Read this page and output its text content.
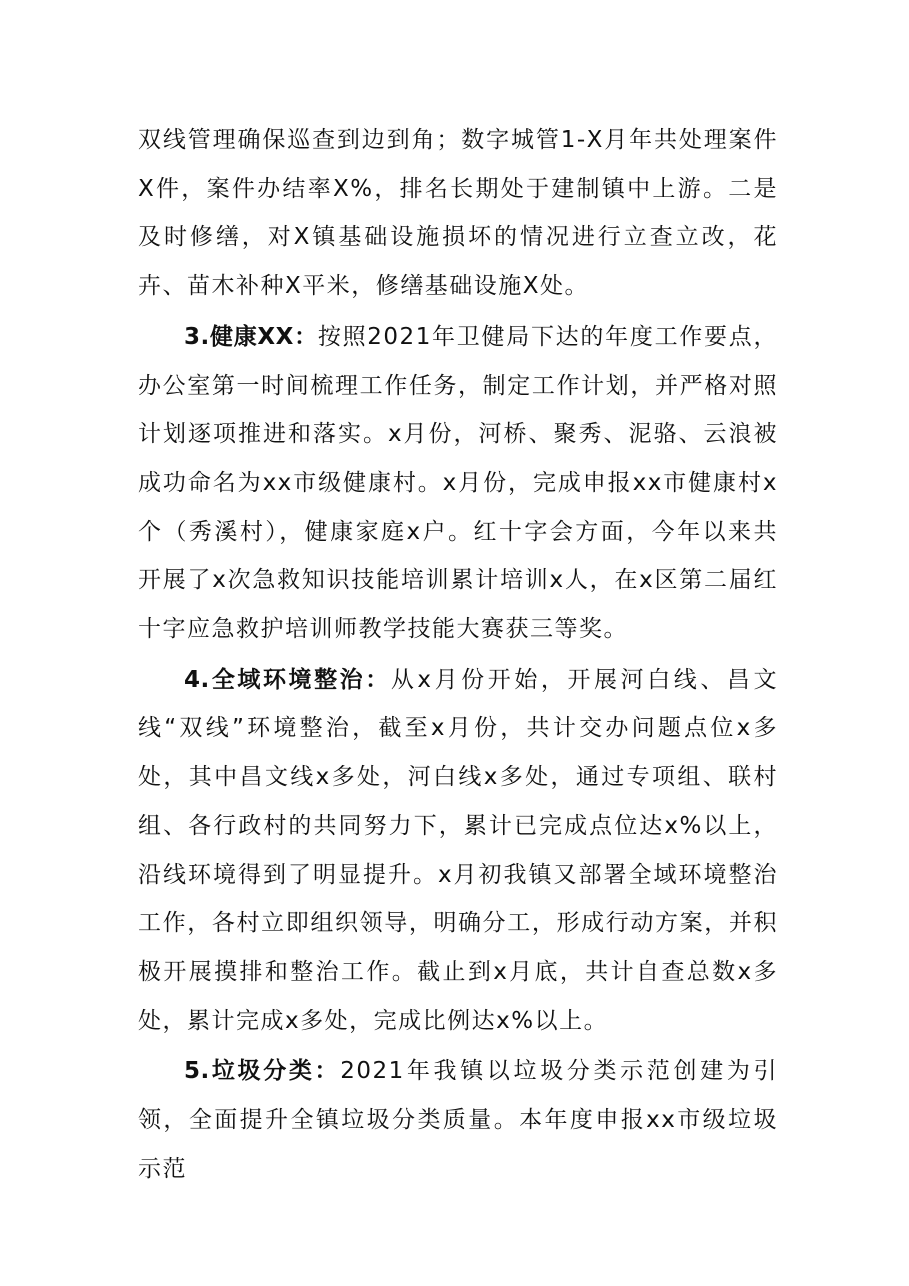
双线管理确保巡查到边到角；数字城管1-X月年共处理案件X件，案件办结率X%，排名长期处于建制镇中上游。二是及时修缮，对X镇基础设施损坏的情况进行立查立改，花卉、苗木补种X平米，修缮基础设施X处。

3.健康XX：按照2021年卫健局下达的年度工作要点，办公室第一时间梳理工作任务，制定工作计划，并严格对照计划逐项推进和落实。x月份，河桥、聚秀、泥骆、云浪被成功命名为xx市级健康村。x月份，完成申报xx市健康村x个（秀溪村），健康家庭x户。红十字会方面，今年以来共开展了x次急救知识技能培训累计培训x人，在x区第二届红十字应急救护培训师教学技能大赛获三等奖。

4.全域环境整治：从x月份开始，开展河白线、昌文线“双线”环境整治，截至x月份，共计交办问题点位x多处，其中昌文线x多处，河白线x多处，通过专项组、联村组、各行政村的共同努力下，累计已完成点位达x%以上，沿线环境得到了明显提升。x月初我镇又部署全域环境整治工作，各村立即组织领导，明确分工，形成行动方案，并积极开展摸排和整治工作。截止到x月底，共计自查总数x多处，累计完成x多处，完成比例达x%以上。

5.垃圾分类：2021年我镇以垃圾分类示范创建为引领，全面提升全镇垃圾分类质量。本年度申报xx市级垃圾示范
